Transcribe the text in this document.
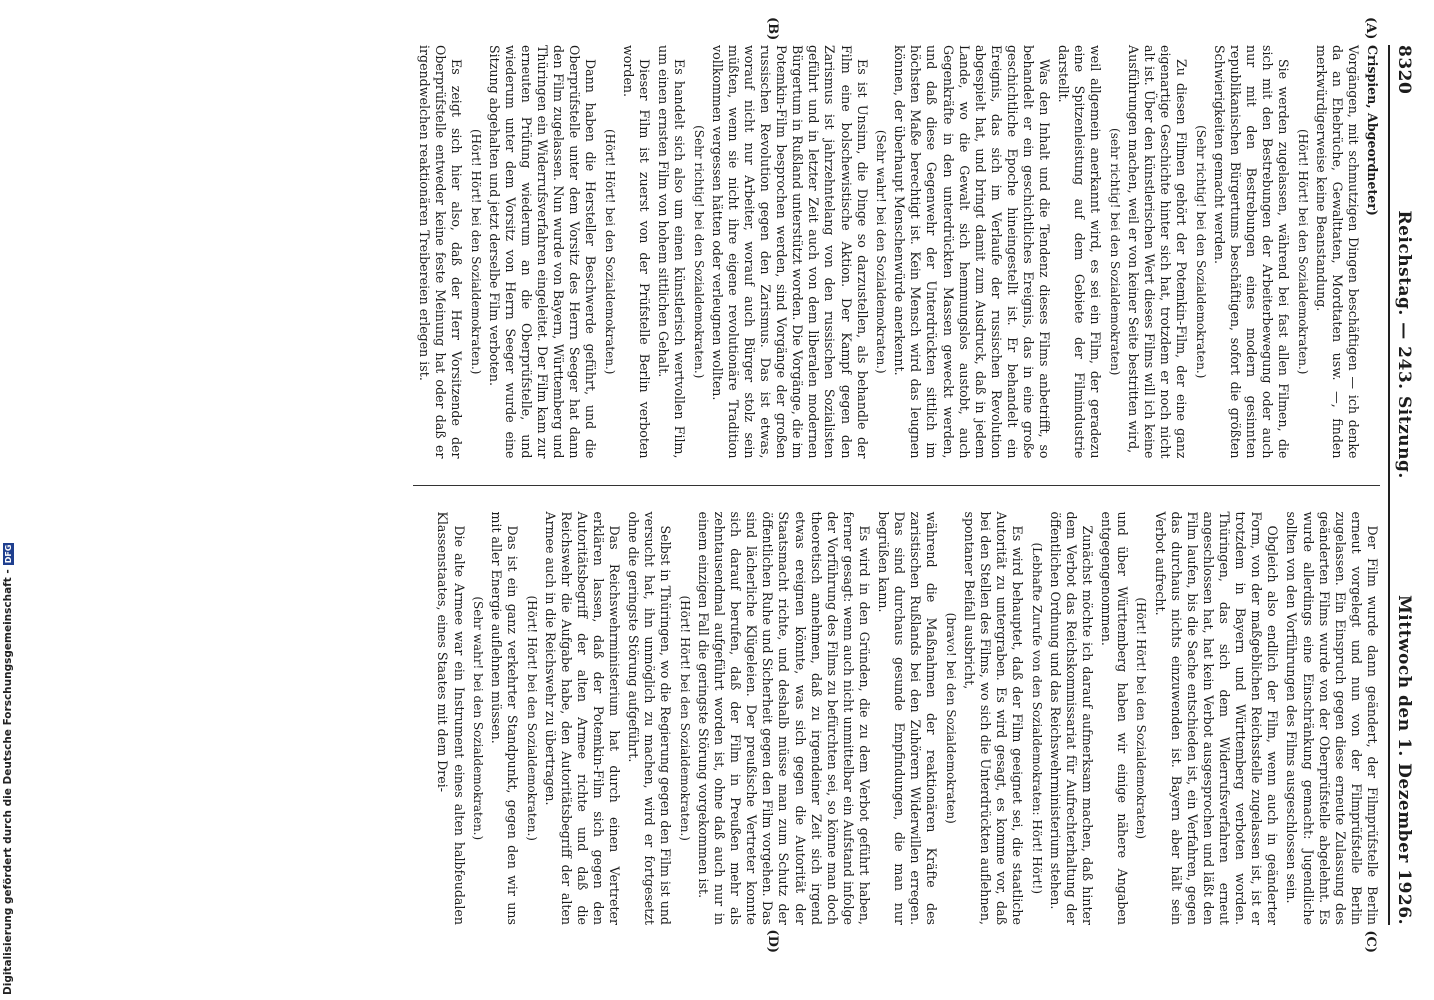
8320
Reichstag. — 243. Sitzung.
Mittwoch den 1. Dezember 1926.
(A)
(B)
(C)
(D)

Crispien, Abgeordneter)

Vorgängen, mit schmutzigen Dingen beschäftigen — ich denke da an Ehebrüche, Gewalttaten, Mordtaten usw. —, finden merkwürdigerweise keine Beanstandung.

(Hört! Hört! bei den Sozialdemokraten.)

Sie werden zugelassen, während bei fast allen Filmen, die sich mit den Bestrebungen der Arbeiterbewegung oder auch nur mit den Bestrebungen eines modern gesinnten republikanischen Bürgertums beschäftigen, sofort die größten Schwierigkeiten gemacht werden.

(Sehr richtig! bei den Sozialdemokraten.)

Zu diesen Filmen gehört der Potemkin-Film, der eine ganz eigenartige Geschichte hinter sich hat, trotzdem er noch nicht alt ist. Über den künstlerischen Wert dieses Films will ich keine Ausführungen machen, weil er von keiner Seite bestritten wird,

(sehr richtig! bei den Sozialdemokraten)

weil allgemein anerkannt wird, es sei ein Film, der geradezu eine Spitzenleistung auf dem Gebiete der Filmindustrie darstellt.

Was den Inhalt und die Tendenz dieses Films anbetrifft, so behandelt er ein geschichtliches Ereignis, das in eine große geschichtliche Epoche hineingestellt ist. Er behandelt ein Ereignis, das sich im Verlaufe der russischen Revolution abgespielt hat, und bringt damit zum Ausdruck, daß in jedem Lande, wo die Gewalt sich hemmungslos austobt, auch Gegenkräfte in den unterdrückten Massen geweckt werden, und daß diese Gegenwehr der Unterdrückten sittlich im höchsten Maße berechtigt ist. Kein Mensch wird das leugnen können, der überhaupt Menschenwürde anerkennt.

(Sehr wahr! bei den Sozialdemokraten.)

Es ist Unsinn, die Dinge so darzustellen, als behandle der Film eine bolschewistische Aktion. Der Kampf gegen den Zarismus ist jahrzehntelang von den russischen Sozialisten geführt und in letzter Zeit auch von dem liberalen modernen Bürgertum in Rußland unterstützt worden. Die Vorgänge, die im Potemkin-Film besprochen werden, sind Vorgänge der großen russischen Revolution gegen den Zarismus. Das ist etwas, worauf nicht nur Arbeiter, worauf auch Bürger stolz sein müßten, wenn sie nicht ihre eigene revolutionäre Tradition vollkommen vergessen hätten oder verleugnen wollten.

(Sehr richtig! bei den Sozialdemokraten.)

Es handelt sich also um einen künstlerisch wertvollen Film, um einen ernsten Film von hohem sittlichen Gehalt.

Dieser Film ist zuerst von der Prüfstelle Berlin verboten worden.

(Hört! Hört! bei den Sozialdemokraten.)

Dann haben die Hersteller Beschwerde geführt, und die Oberprüfstelle unter dem Vorsitz des Herrn Seeger hat dann den Film zugelassen. Nun wurde von Bayern, Württemberg und Thüringen ein Widerrufsverfahren eingeleitet. Der Film kam zur erneuten Prüfung wiederum an die Oberprüfstelle, und wiederum unter dem Vorsitz von Herrn Seeger wurde eine Sitzung abgehalten und jetzt derselbe Film verboten.

(Hört! Hört! bei den Sozialdemokraten.)

Es zeigt sich hier also, daß der Herr Vorsitzende der Oberprüfstelle entweder keine feste Meinung hat oder daß er irgendwelchen reaktionären Treibereien erlegen ist.

Der Film wurde dann geändert, der Filmprüfstelle Berlin erneut vorgelegt und nun von der Filmprüfstelle Berlin zugelassen. Ein Einspruch gegen diese erneute Zulassung des geänderten Films wurde von der Oberprüfstelle abgelehnt. Es wurde allerdings eine Einschränkung gemacht: Jugendliche sollten von den Vorführungen des Films ausgeschlossen sein.

Obgleich also endlich der Film, wenn auch in geänderter Form, von der maßgeblichen Reichsstelle zugelassen ist, ist er trotzdem in Bayern und Württemberg verboten worden. Thüringen, das sich dem Widerrufsverfahren erneut angeschlossen hat, hat kein Verbot ausgesprochen und läßt den Film laufen, bis die Sache entschieden ist, ein Verfahren, gegen das durchaus nichts einzuwenden ist. Bayern aber hält sein Verbot aufrecht.

(Hört! Hört! bei den Sozialdemokraten)

und über Württemberg haben wir einige nähere Angaben entgegengenommen.

Zunächst möchte ich darauf aufmerksam machen, daß hinter dem Verbot das Reichskommissariat für Aufrechterhaltung der öffentlichen Ordnung und das Reichswehrministerium stehen.

(Lebhafte Zurufe von den Sozialdemokraten: Hört! Hört!)

Es wird behauptet, daß der Film geeignet sei, die staatliche Autorität zu untergraben. Es wird gesagt, es komme vor, daß bei den Stellen des Films, wo sich die Unterdrückten auflehnen, spontaner Beifall ausbricht,

(bravo! bei den Sozialdemokraten)

während die Maßnahmen der reaktionären Kräfte des zaristischen Rußlands bei den Zuhörern Widerwillen erregen. Das sind durchaus gesunde Empfindungen, die man nur begrüßen kann.

Es wird in den Gründen, die zu dem Verbot geführt haben, ferner gesagt: wenn auch nicht unmittelbar ein Aufstand infolge der Vorführung des Films zu befürchten sei, so könne man doch theoretisch annehmen, daß zu irgendeiner Zeit sich irgend etwas ereignen könnte, was sich gegen die Autorität der Staatsmacht richte, und deshalb müsse man zum Schutz der öffentlichen Ruhe und Sicherheit gegen den Film vorgehen. Das sind lächerliche Klügeleien. Der preußische Vertreter konnte sich darauf berufen, daß der Film in Preußen mehr als zehntausendmal aufgeführt worden ist, ohne daß auch nur in einem einzigen Fall die geringste Störung vorgekommen ist.

(Hört! Hört! bei den Sozialdemokraten.)

Selbst in Thüringen, wo die Regierung gegen den Film ist und versucht hat, ihn unmöglich zu machen, wird er fortgesetzt ohne die geringste Störung aufgeführt.

Das Reichswehrministerium hat durch einen Vertreter erklären lassen, daß der Potemkin-Film sich gegen den Autoritätsbegriff der alten Armee richte und daß die Reichswehr die Aufgabe habe, den Autoritätsbegriff der alten Armee auch in die Reichswehr zu übertragen.

(Hört! Hört! bei den Sozialdemokraten.)

Das ist ein ganz verkehrter Standpunkt, gegen den wir uns mit aller Energie auflehnen müssen.

(Sehr wahr! bei den Sozialdemokraten.)

Die alte Armee war ein Instrument eines alten halbfeudalen Klassenstaates, eines Staates mit dem Drei-

Digitalisierung gefördert durch die Deutsche Forschungsgemeinschaft -
DFG
